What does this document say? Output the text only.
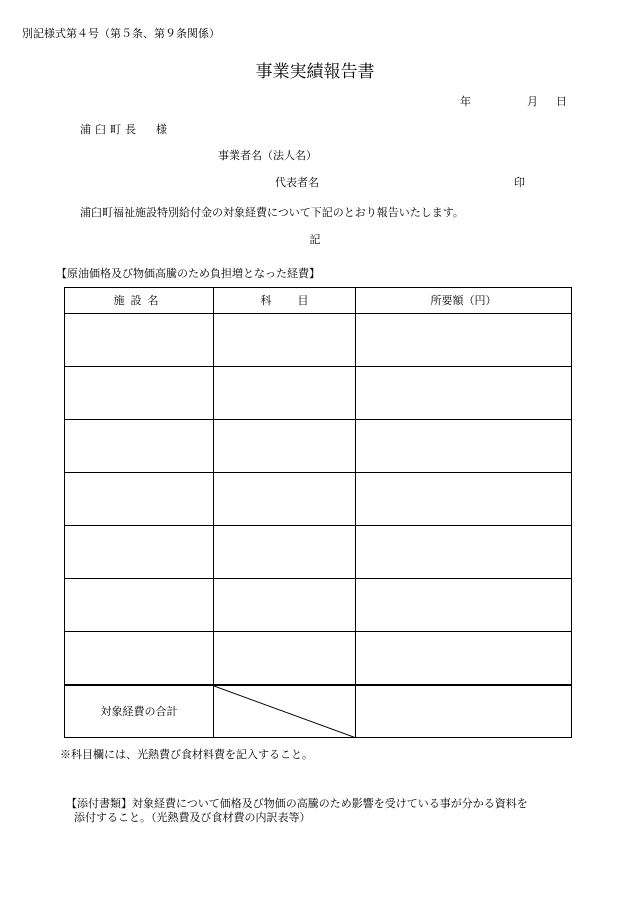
別記様式第４号（第５条、第９条関係）
事業実績報告書
年	月 日
浦臼町長 様
事業者名（法人名）
代表者名	印
浦臼町福祉施設特別給付金の対象経費について下記のとおり報告いたします。
記
【原油価格及び物価高騰のため負担増となった経費】
施設名	科 目	所要額（円）

対象経費の合計	

※科目欄には、光熱費び食材料費を記入すること。
【添付書類】対象経費について価格及び物価の高騰のため影響を受けている事が分かる資料を
添付すること。（光熱費及び食材費の内訳表等）
